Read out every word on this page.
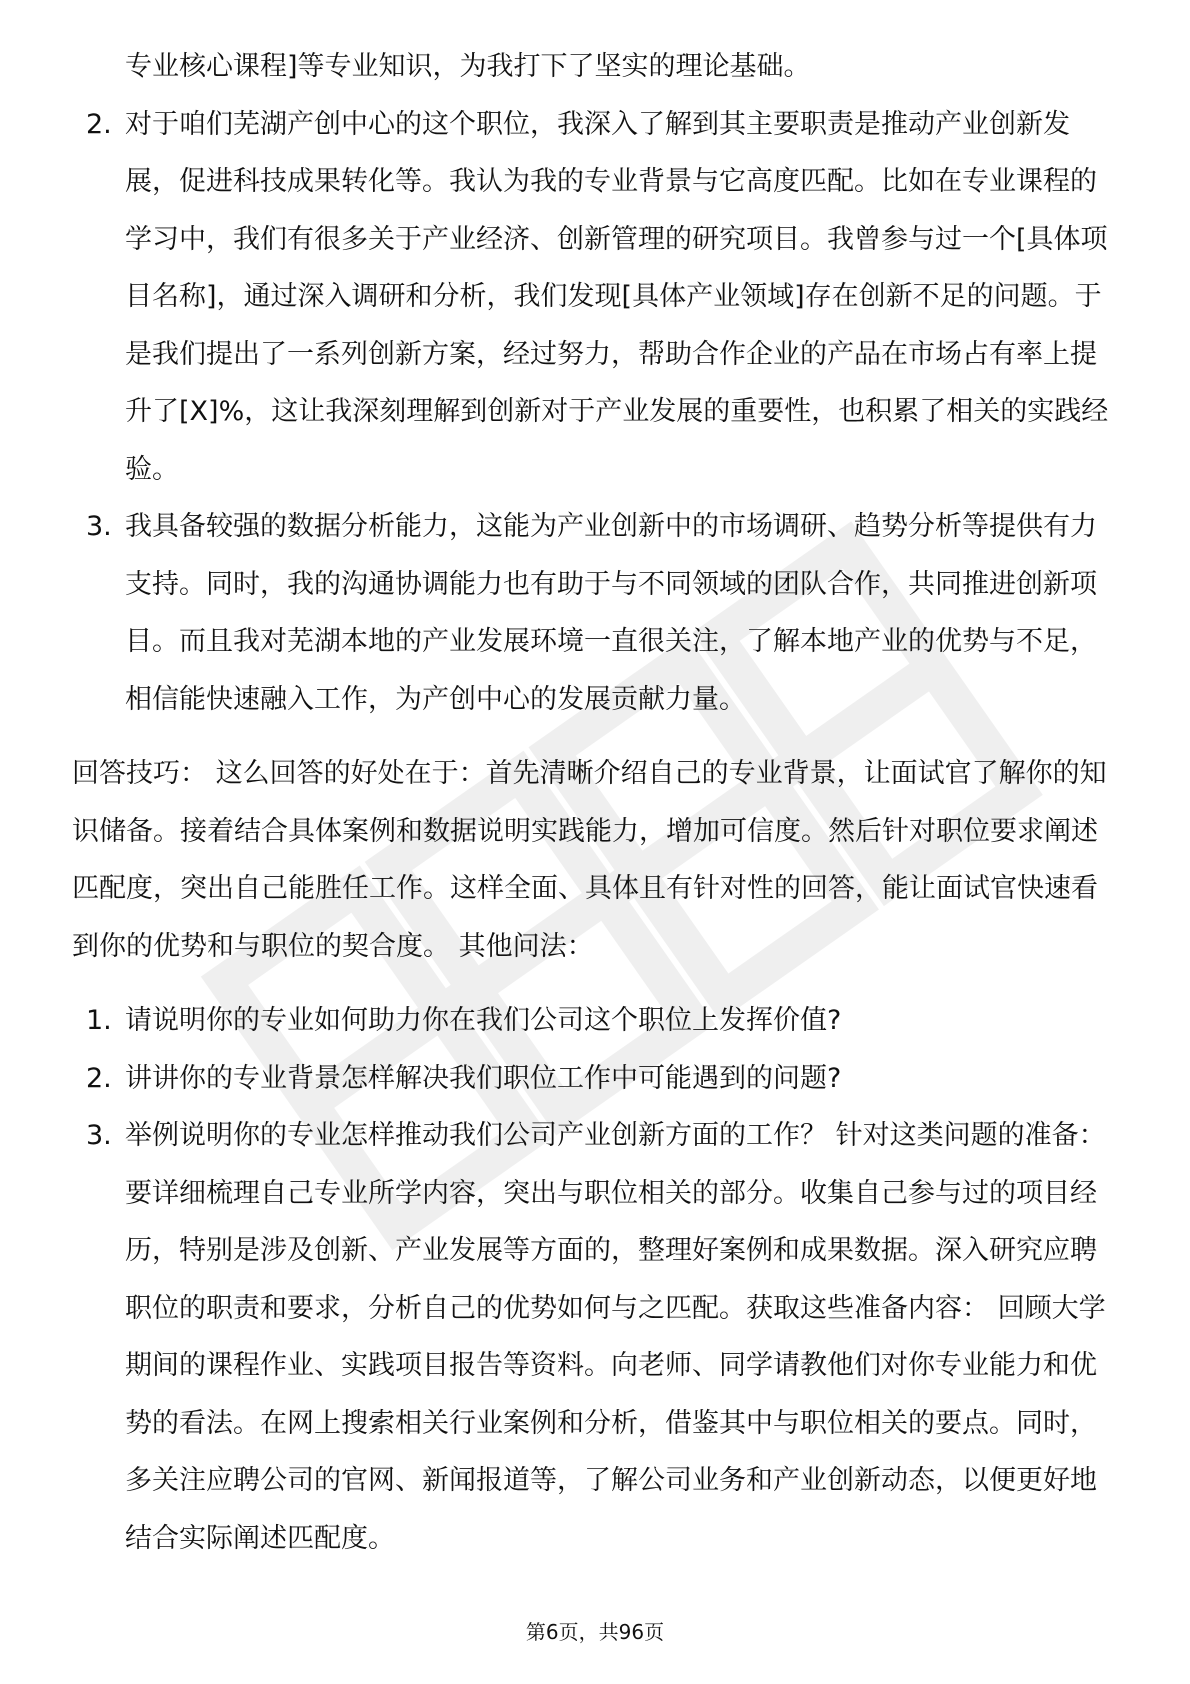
专业核心课程]等专业知识，为我打下了坚实的理论基础。

2. 对于咱们芜湖产创中心的这个职位，我深入了解到其主要职责是推动产业创新发展，促进科技成果转化等。我认为我的专业背景与它高度匹配。比如在专业课程的学习中，我们有很多关于产业经济、创新管理的研究项目。我曾参与过一个[具体项目名称]，通过深入调研和分析，我们发现[具体产业领域]存在创新不足的问题。于是我们提出了一系列创新方案，经过努力，帮助合作企业的产品在市场占有率上提升了[X]%，这让我深刻理解到创新对于产业发展的重要性，也积累了相关的实践经验。
3. 我具备较强的数据分析能力，这能为产业创新中的市场调研、趋势分析等提供有力支持。同时，我的沟通协调能力也有助于与不同领域的团队合作，共同推进创新项目。而且我对芜湖本地的产业发展环境一直很关注，了解本地产业的优势与不足，相信能快速融入工作，为产创中心的发展贡献力量。

回答技巧： 这么回答的好处在于：首先清晰介绍自己的专业背景，让面试官了解你的知识储备。接着结合具体案例和数据说明实践能力，增加可信度。然后针对职位要求阐述匹配度，突出自己能胜任工作。这样全面、具体且有针对性的回答，能让面试官快速看到你的优势和与职位的契合度。 其他问法：

1. 请说明你的专业如何助力你在我们公司这个职位上发挥价值?
2. 讲讲你的专业背景怎样解决我们职位工作中可能遇到的问题?
3. 举例说明你的专业怎样推动我们公司产业创新方面的工作？ 针对这类问题的准备： 要详细梳理自己专业所学内容，突出与职位相关的部分。收集自己参与过的项目经历，特别是涉及创新、产业发展等方面的，整理好案例和成果数据。深入研究应聘职位的职责和要求，分析自己的优势如何与之匹配。获取这些准备内容： 回顾大学期间的课程作业、实践项目报告等资料。向老师、同学请教他们对你专业能力和优势的看法。在网上搜索相关行业案例和分析，借鉴其中与职位相关的要点。同时，多关注应聘公司的官网、新闻报道等，了解公司业务和产业创新动态，以便更好地结合实际阐述匹配度。
第6页，共96页
